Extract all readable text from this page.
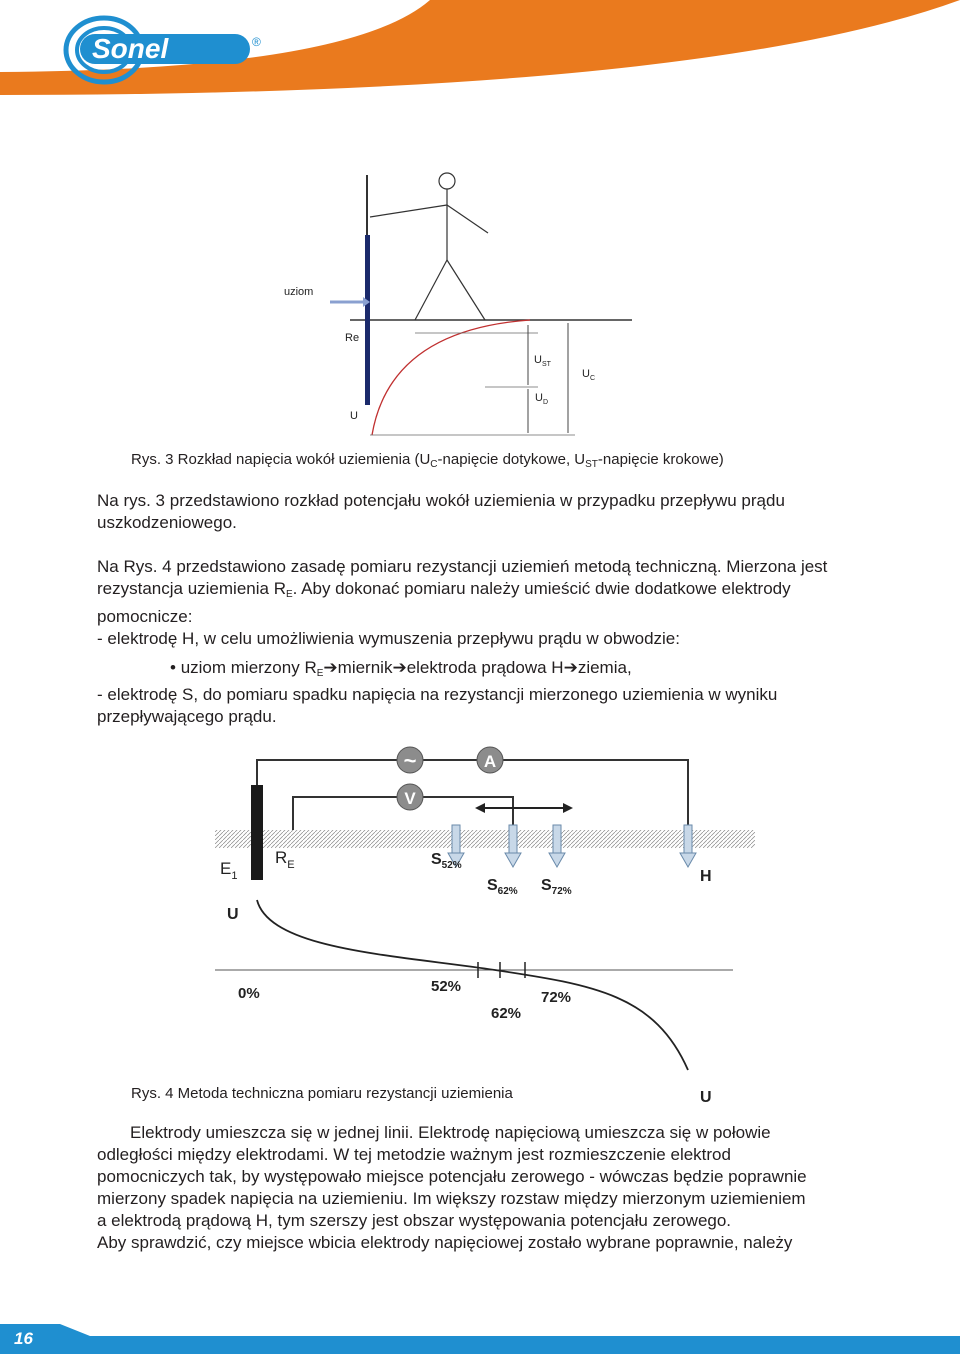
Sonel	®
uziom
Re
U
$U_{ST}$
$U_C$
$U_D$
Rys. 3 Rozkład napięcia wokół uziemienia ($U_C$-napięcie dotykowe, $U_{ST}$-napięcie krokowe)
Na rys. 3 przedstawiono rozkład potencjału wokół uziemienia w przypadku przepływu prądu
uszkodzeniowego.
Na Rys. 4 przedstawiono zasadę pomiaru rezystancji uziemień metodą techniczną. Mierzona jest
rezystancja uziemienia $R_E$. Aby dokonać pomiaru należy umieścić dwie dodatkowe elektrody
pomocnicze:
- elektrodę H, w celu umożliwienia wymuszenia przepływu prądu w obwodzie:
• uziom mierzony $R_E➔miernik➔elektroda$ prądowa H➔ziemia,
- elektrodę S, do pomiaru spadku napięcia na rezystancji mierzonego uziemienia w wyniku
przepływającego prądu.
~	A
V
$E_1$
$R_E$	$S_{52\%}$
$S_{62\%}$ $S_{72\%}$
H
U
0%	52%
62%
72%
U
Rys. 4 Metoda techniczna pomiaru rezystancji uziemienia
Elektrody umieszcza się w jednej linii. Elektrodę napięciową umieszcza się w połowie
odległości między elektrodami. W tej metodzie ważnym jest rozmieszczenie elektrod
pomocniczych tak, by występowało miejsce potencjału zerowego - wówczas będzie poprawnie
mierzony spadek napięcia na uziemieniu. Im większy rozstaw między mierzonym uziemieniem
a elektrodą prądową H, tym szerszy jest obszar występowania potencjału zerowego.
Aby sprawdzić, czy miejsce wbicia elektrody napięciowej zostało wybrane poprawnie, należy
16
